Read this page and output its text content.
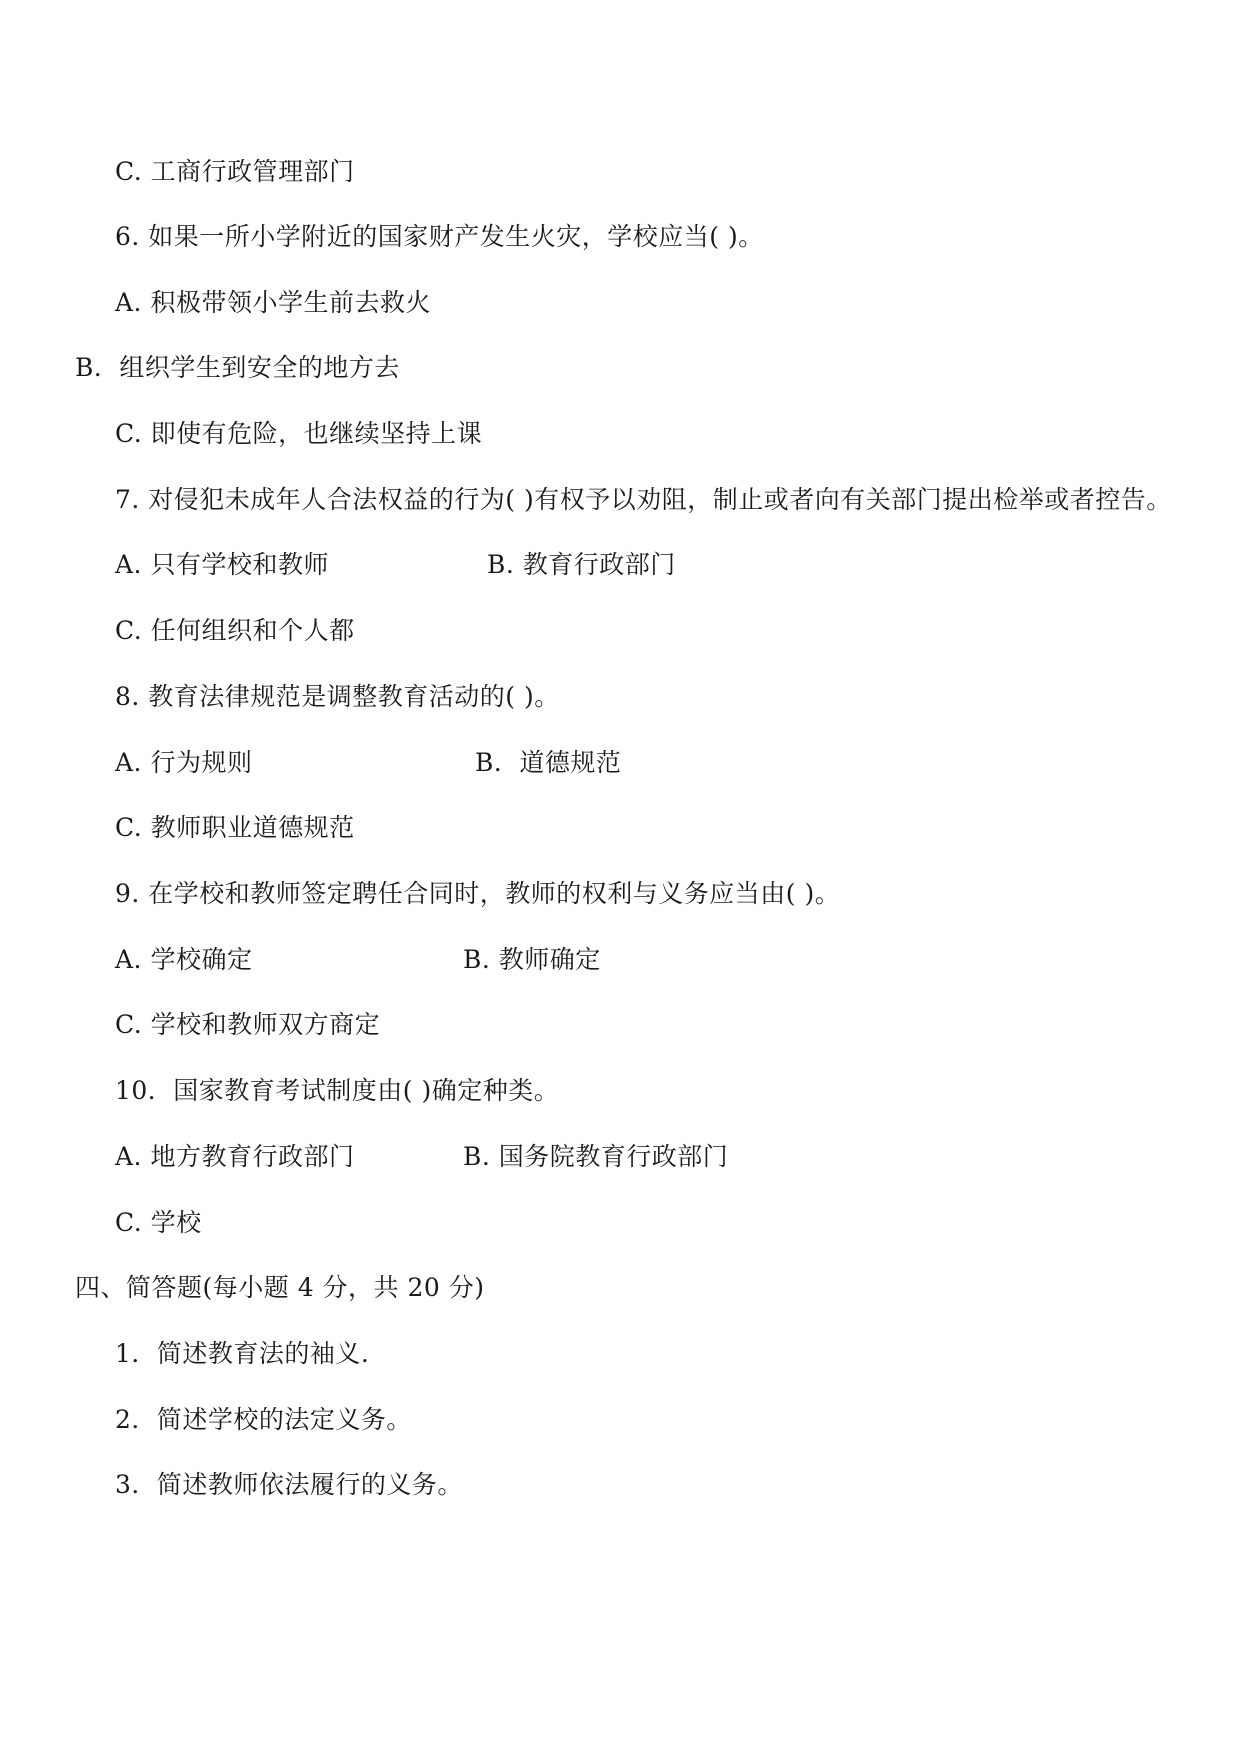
C. 工商行政管理部门
6. 如果一所小学附近的国家财产发生火灾，学校应当( )。
A. 积极带领小学生前去救火
B．组织学生到安全的地方去
C. 即使有危险，也继续坚持上课
7. 对侵犯未成年人合法权益的行为( )有权予以劝阻，制止或者向有关部门提出检举或者控告。
A. 只有学校和教师	B. 教育行政部门
C. 任何组织和个人都
8. 教育法律规范是调整教育活动的( )。
A. 行为规则	B．道德规范
C. 教师职业道德规范
9. 在学校和教师签定聘任合同时，教师的权利与义务应当由( )。
A. 学校确定	B. 教师确定
C. 学校和教师双方商定
10．国家教育考试制度由( )确定种类。
A. 地方教育行政部门	B. 国务院教育行政部门
C. 学校
四、简答题(每小题 4 分，共 20 分)
1．简述教育法的袖义.
2．简述学校的法定义务。
3．简述教师依法履行的义务。
